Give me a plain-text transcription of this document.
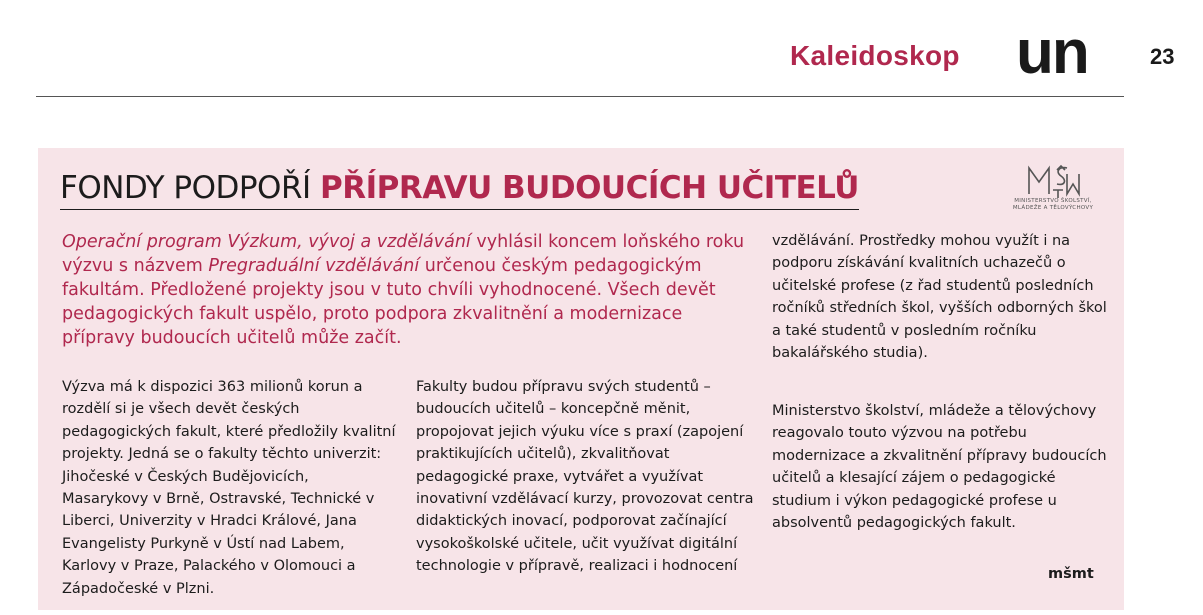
Kaleidoskop un	23
FONDY PODPOŘÍ PŘÍPRAVU BUDOUCÍCH UČITELŮ	MINISTERSTVO ŠKOLSTVÍ,
MLÁDEŽE A TĚLOVÝCHOVY

Operační program Výzkum, vývoj a vzdělávání vyhlásil koncem loňského roku výzvu s názvem Pregraduální vzdělávání určenou českým pedagogickým fakultám. Předložené projekty jsou v tuto chvíli vyhodnocené. Všech devět pedagogických fakult uspělo, proto podpora zkvalitnění a modernizace přípravy budoucích učitelů může začít.

Výzva má k dispozici 363 milionů korun a rozdělí si je všech devět českých pedagogických fakult, které předložily kvalitní projekty. Jedná se o fakulty těchto univerzit: Jihočeské v Českých Budějovicích, Masarykovy v Brně, Ostravské, Technické v Liberci, Univerzity v Hradci Králové, Jana Evangelisty Purkyně v Ústí nad Labem, Karlovy v Praze, Palackého v Olomouci a Západočeské v Plzni.

Fakulty budou přípravu svých studentů – budoucích učitelů – koncepčně měnit, propojovat jejich výuku více s praxí (zapojení praktikujících učitelů), zkvalitňovat pedagogické praxe, vytvářet a využívat inovativní vzdělávací kurzy, provozovat centra didaktických inovací, podporovat začínající vysokoškolské učitele, učit využívat digitální technologie v přípravě, realizaci i hodnocení

vzdělávání. Prostředky mohou využít i na podporu získávání kvalitních uchazečů o učitelské profese (z řad studentů posledních ročníků středních škol, vyšších odborných škol a také studentů v posledním ročníku bakalářského studia).

Ministerstvo školství, mládeže a tělovýchovy reagovalo touto výzvou na potřebu modernizace a zkvalitnění přípravy budoucích učitelů a klesající zájem o pedagogické studium i výkon pedagogické profese u absolventů pedagogických fakult.

mšmt
